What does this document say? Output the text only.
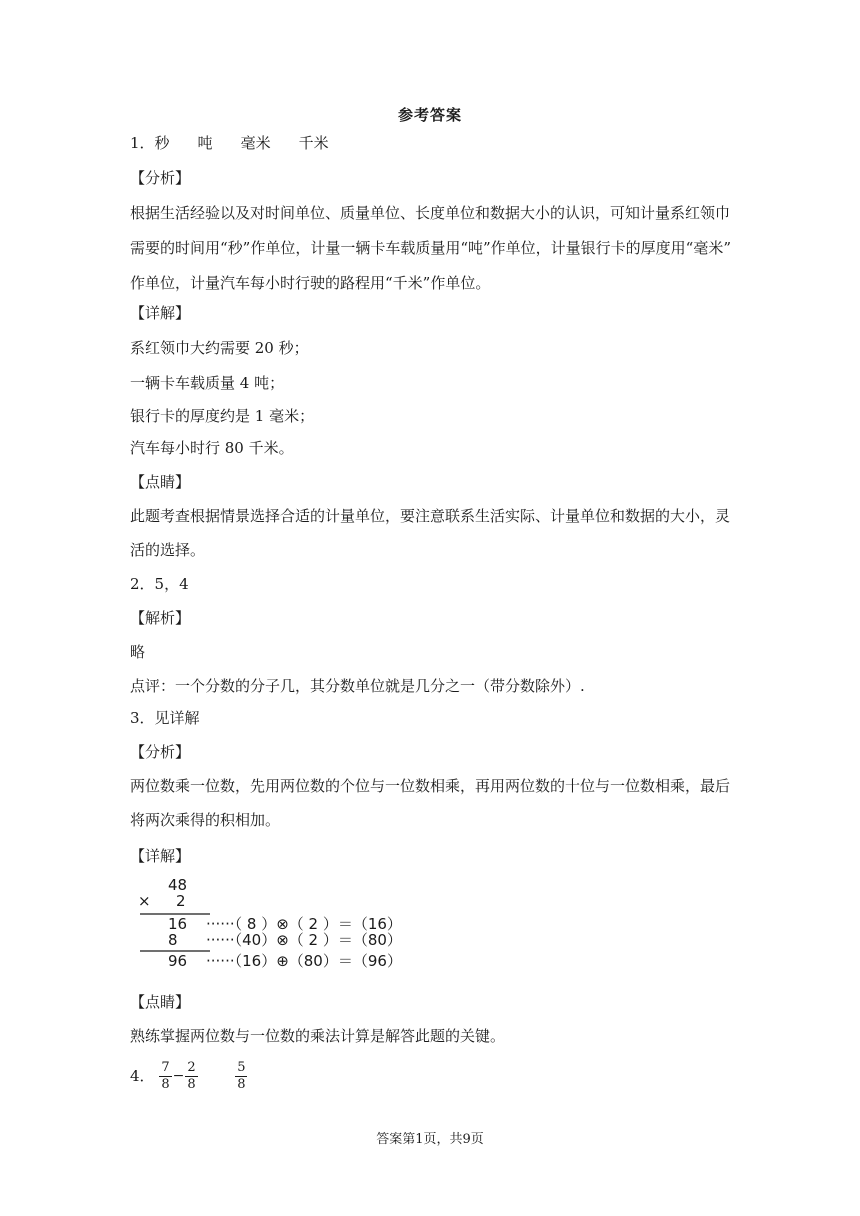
参考答案
1．秒 吨 毫米 千米
【分析】
根据生活经验以及对时间单位、质量单位、长度单位和数据大小的认识，可知计量系红领巾
需要的时间用“秒”作单位，计量一辆卡车载质量用“吨”作单位，计量银行卡的厚度用“毫米”
作单位，计量汽车每小时行驶的路程用“千米”作单位。
【详解】
系红领巾大约需要 20 秒；
一辆卡车载质量 4 吨；
银行卡的厚度约是 1 毫米；
汽车每小时行 80 千米。
【点睛】
此题考查根据情景选择合适的计量单位，要注意联系生活实际、计量单位和数据的大小，灵
活的选择。
2．5，4
【解析】
略
点评：一个分数的分子几，其分数单位就是几分之一（带分数除外）.
3．见详解
【分析】
两位数乘一位数，先用两位数的个位与一位数相乘，再用两位数的十位与一位数相乘，最后
将两次乘得的积相加。
【详解】
48
× 2
16 ······（ 8 ）⊗（ 2 ）＝（16）
8 ······（40）⊗（ 2 ）＝（80）
96 ······（16）⊕（80）＝（96）
【点睛】
熟练掌握两位数与一位数的乘法计算是解答此题的关键。
4． $\frac{7}{8} - \frac{2}{8}$
	$\frac{5}{8}$
答案第1页，共9页
